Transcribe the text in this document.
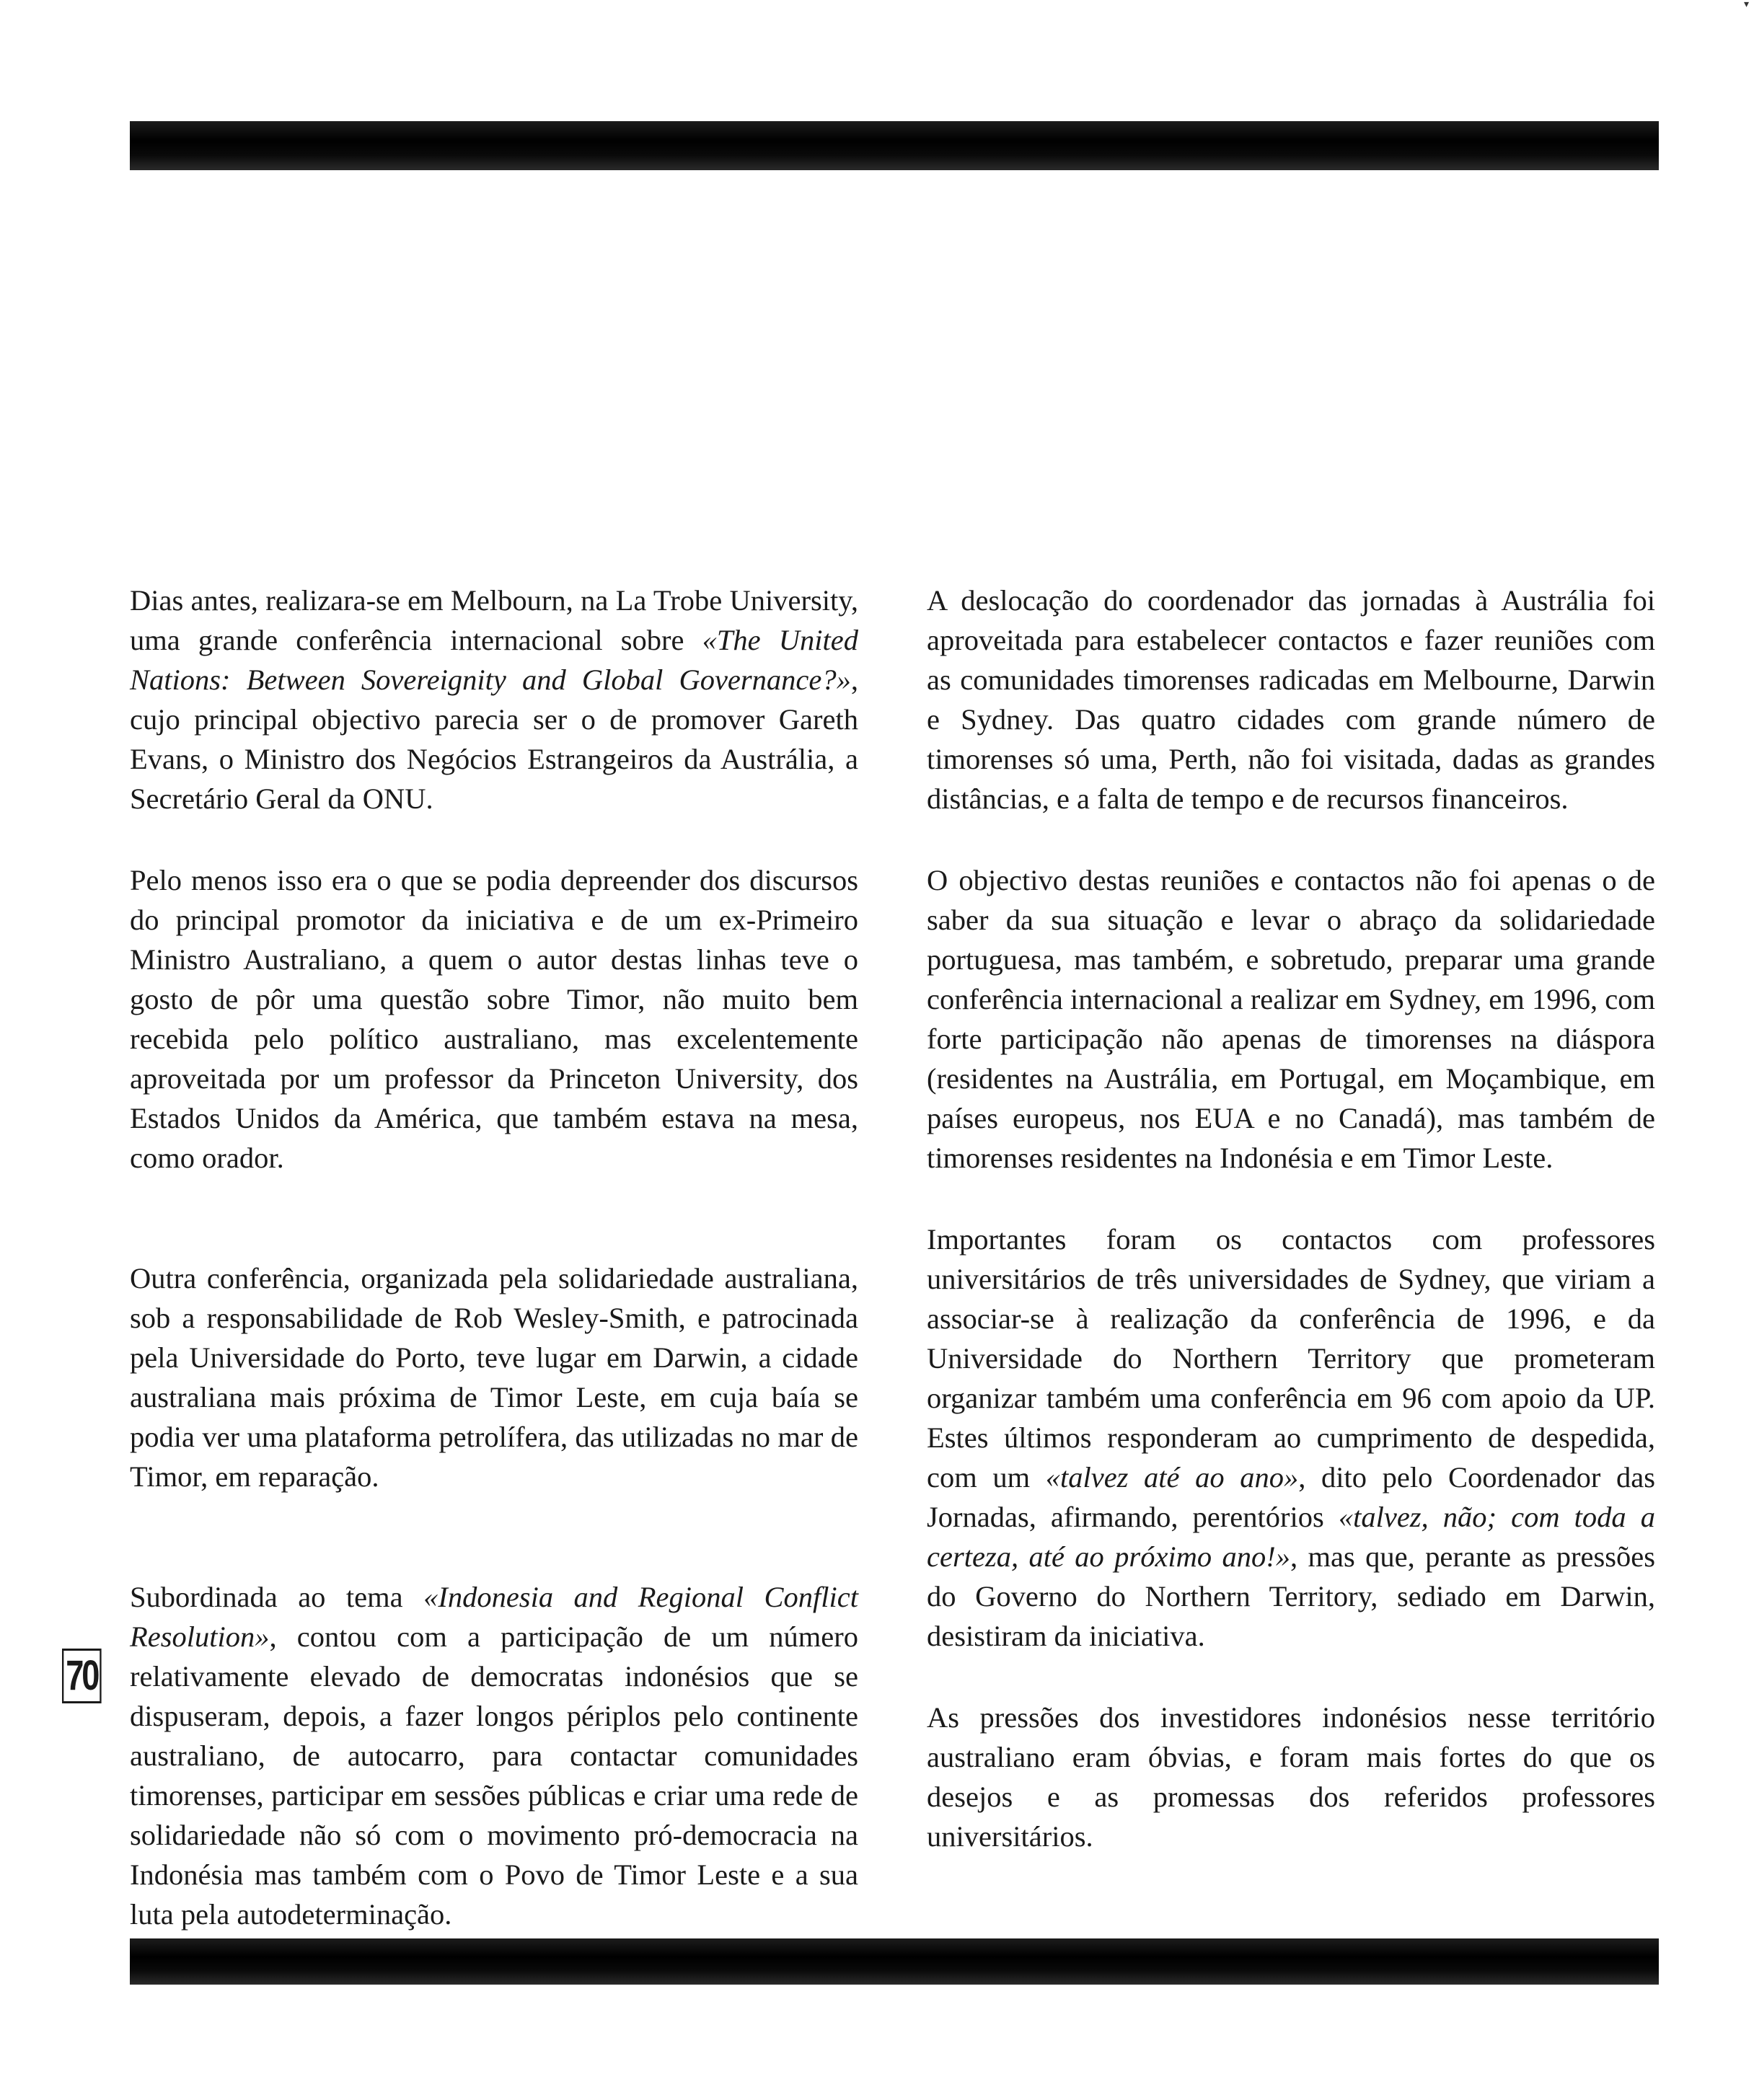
▾

Dias antes, realizara-se em Melbourn, na La Trobe University, uma grande conferência internacional sobre «The United Nations: Between Sovereignity and Global Governance?», cujo principal objectivo parecia ser o de promover Gareth Evans, o Ministro dos Negócios Estrangeiros da Austrália, a Secretário Geral da ONU.

Pelo menos isso era o que se podia depreender dos discursos do principal promotor da iniciativa e de um ex-Primeiro Ministro Australiano, a quem o autor destas linhas teve o gosto de pôr uma questão sobre Timor, não muito bem recebida pelo político australiano, mas excelentemente aproveitada por um professor da Princeton University, dos Estados Unidos da América, que também estava na mesa, como orador.

Outra conferência, organizada pela solidariedade australiana, sob a responsabilidade de Rob Wesley-Smith, e patrocinada pela Universidade do Porto, teve lugar em Darwin, a cidade australiana mais próxima de Timor Leste, em cuja baía se podia ver uma plataforma petrolífera, das utilizadas no mar de Timor, em reparação.

Subordinada ao tema «Indonesia and Regional Conflict Resolution», contou com a participação de um número relativamente elevado de democratas indonésios que se dispuseram, depois, a fazer longos périplos pelo continente australiano, de autocarro, para contactar comunidades timorenses, participar em sessões públicas e criar uma rede de solidariedade não só com o movimento pró-democracia na Indonésia mas também com o Povo de Timor Leste e a sua luta pela autodeterminação.

A deslocação do coordenador das jornadas à Austrália foi aproveitada para estabelecer contactos e fazer reuniões com as comunidades timorenses radicadas em Melbourne, Darwin e Sydney. Das quatro cidades com grande número de timorenses só uma, Perth, não foi visitada, dadas as grandes distâncias, e a falta de tempo e de recursos financeiros.

O objectivo destas reuniões e contactos não foi apenas o de saber da sua situação e levar o abraço da solidariedade portuguesa, mas também, e sobretudo, preparar uma grande conferência internacional a realizar em Sydney, em 1996, com forte participação não apenas de timorenses na diáspora (residentes na Austrália, em Portugal, em Moçambique, em países europeus, nos EUA e no Canadá), mas também de timorenses residentes na Indonésia e em Timor Leste.

Importantes foram os contactos com professores universitários de três universidades de Sydney, que viriam a associar-se à realização da conferência de 1996, e da Universidade do Northern Territory que prometeram organizar também uma conferência em 96 com apoio da UP. Estes últimos responderam ao cumprimento de despedida, com um «talvez até ao ano», dito pelo Coordenador das Jornadas, afirmando, perentórios «talvez, não; com toda a certeza, até ao próximo ano!», mas que, perante as pressões do Governo do Northern Territory, sediado em Darwin, desistiram da iniciativa.

As pressões dos investidores indonésios nesse território australiano eram óbvias, e foram mais fortes do que os desejos e as promessas dos referidos professores universitários.

70
